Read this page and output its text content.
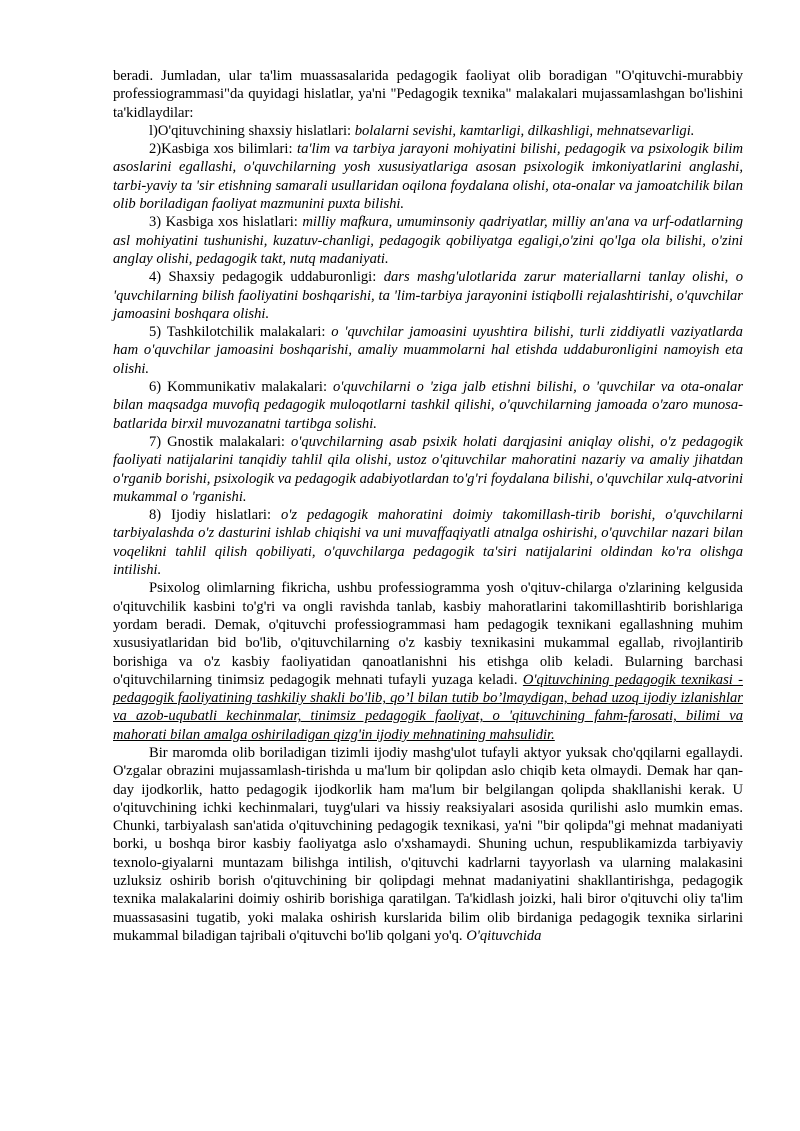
beradi. Jumladan, ular ta'lim muassasalarida pedagogik faoliyat olib boradigan "O'qituvchi-murabbiy professiogrammasi"da quyidagi hislatlar, ya'ni "Pedagogik texnika" malakalari mujassamlashgan bo'lishini ta'kidlaydilar:

l)O'qituvchining shaxsiy hislatlari: bolalarni sevishi, kamtarligi, dilkashligi, mehnatsevarligi.

2)Kasbiga xos bilimlari: ta'lim va tarbiya jarayoni mohiyatini bilishi, pedagogik va psixologik bilim asoslarini egallashi, o'quvchilarning yosh xususiyatlariga asosan psixologik imkoniyatlarini anglashi, tarbi-yaviy ta 'sir etishning samarali usullaridan oqilona foydalana olishi, ota-onalar va jamoatchilik bilan olib boriladigan faoliyat mazmunini puxta bilishi.

3) Kasbiga xos hislatlari: milliy mafkura, umuminsoniy qadriyatlar, milliy an'ana va urf-odatlarning asl mohiyatini tushunishi, kuzatuv-chanligi, pedagogik qobiliyatga egaligi,o'zini qo'lga ola bilishi, o'zini anglay olishi, pedagogik takt, nutq madaniyati.

4) Shaxsiy pedagogik uddaburonligi: dars mashg'ulotlarida zarur materiallarni tanlay olishi, o 'quvchilarning bilish faoliyatini boshqarishi, ta 'lim-tarbiya jarayonini istiqbolli rejalashtirishi, o'quvchilar jamoasini boshqara olishi.

5) Tashkilotchilik malakalari: o 'quvchilar jamoasini uyushtira bilishi, turli ziddiyatli vaziyatlarda ham o'quvchilar jamoasini boshqarishi, amaliy muammolarni hal etishda uddaburonligini namoyish eta olishi.

6) Kommunikativ malakalari: o'quvchilarni o 'ziga jalb etishni bilishi, o 'quvchilar va ota-onalar bilan maqsadga muvofiq pedagogik muloqotlarni tashkil qilishi, o'quvchilarning jamoada o'zaro munosa-batlarida birxil muvozanatni tartibga solishi.

7) Gnostik malakalari: o'quvchilarning asab psixik holati darqjasini aniqlay olishi, o'z pedagogik faoliyati natijalarini tanqidiy tahlil qila olishi, ustoz o'qituvchilar mahoratini nazariy va amaliy jihatdan o'rganib borishi, psixologik va pedagogik adabiyotlardan to'g'ri foydalana bilishi, o'quvchilar xulq-atvorini mukammal o 'rganishi.

8) Ijodiy hislatlari: o'z pedagogik mahoratini doimiy takomillash-tirib borishi, o'quvchilarni tarbiyalashda o'z dasturini ishlab chiqishi va uni muvaffaqiyatli atnalga oshirishi, o'quvchilar nazari bilan voqelikni tahlil qilish qobiliyati, o'quvchilarga pedagogik ta'siri natijalarini oldindan ko'ra olishga intilishi.

Psixolog olimlarning fikricha, ushbu professiogramma yosh o'qituv-chilarga o'zlarining kelgusida o'qituvchilik kasbini to'g'ri va ongli ravishda tanlab, kasbiy mahoratlarini takomillashtirib borishlariga yordam beradi. Demak, o'qituvchi professiogrammasi ham pedagogik texnikani egallashning muhim xususiyatlaridan bid bo'lib, o'qituvchilarning o'z kasbiy texnikasini mukammal egallab, rivojlantirib borishiga va o'z kasbiy faoliyatidan qanoatlanishni his etishga olib keladi. Bularning barchasi o'qituvchilarning tinimsiz pedagogik mehnati tufayli yuzaga keladi. O'qituvchining pedagogik texnikasi - pedagogik faoliyatining tashkiliy shakli bo'lib, qo’l bilan tutib bo’lmaydigan, behad uzoq ijodiy izlanishlar va azob-uqubatli kechinmalar, tinimsiz pedagogik faoliyat, o 'qituvchining fahm-farosati, bilimi va mahorati bilan amalga oshiriladigan qizg'in ijodiy mehnatining mahsulidir.

Bir maromda olib boriladigan tizimli ijodiy mashg'ulot tufayli aktyor yuksak cho'qqilarni egallaydi. O'zgalar obrazini mujassamlash-tirishda u ma'lum bir qolipdan aslo chiqib keta olmaydi. Demak har qan-day ijodkorlik, hatto pedagogik ijodkorlik ham ma'lum bir belgilangan qolipda shakllanishi kerak. U o'qituvchining ichki kechinmalari, tuyg'ulari va hissiy reaksiyalari asosida qurilishi aslo mumkin emas. Chunki, tarbiyalash san'atida o'qituvchining pedagogik texnikasi, ya'ni "bir qolipda"gi mehnat madaniyati borki, u boshqa biror kasbiy faoliyatga aslo o'xshamaydi. Shuning uchun, respublikamizda tarbiyaviy texnolo-giyalarni muntazam bilishga intilish, o'qituvchi kadrlarni tayyorlash va ularning malakasini uzluksiz oshirib borish o'qituvchining bir qolipdagi mehnat madaniyatini shakllantirishga, pedagogik texnika malakalarini doimiy oshirib borishiga qaratilgan. Ta'kidlash joizki, hali biror o'qituvchi oliy ta'lim muassasasini tugatib, yoki malaka oshirish kurslarida bilim olib birdaniga pedagogik texnika sirlarini mukammal biladigan tajribali o'qituvchi bo'lib qolgani yo'q. O'qituvchida
